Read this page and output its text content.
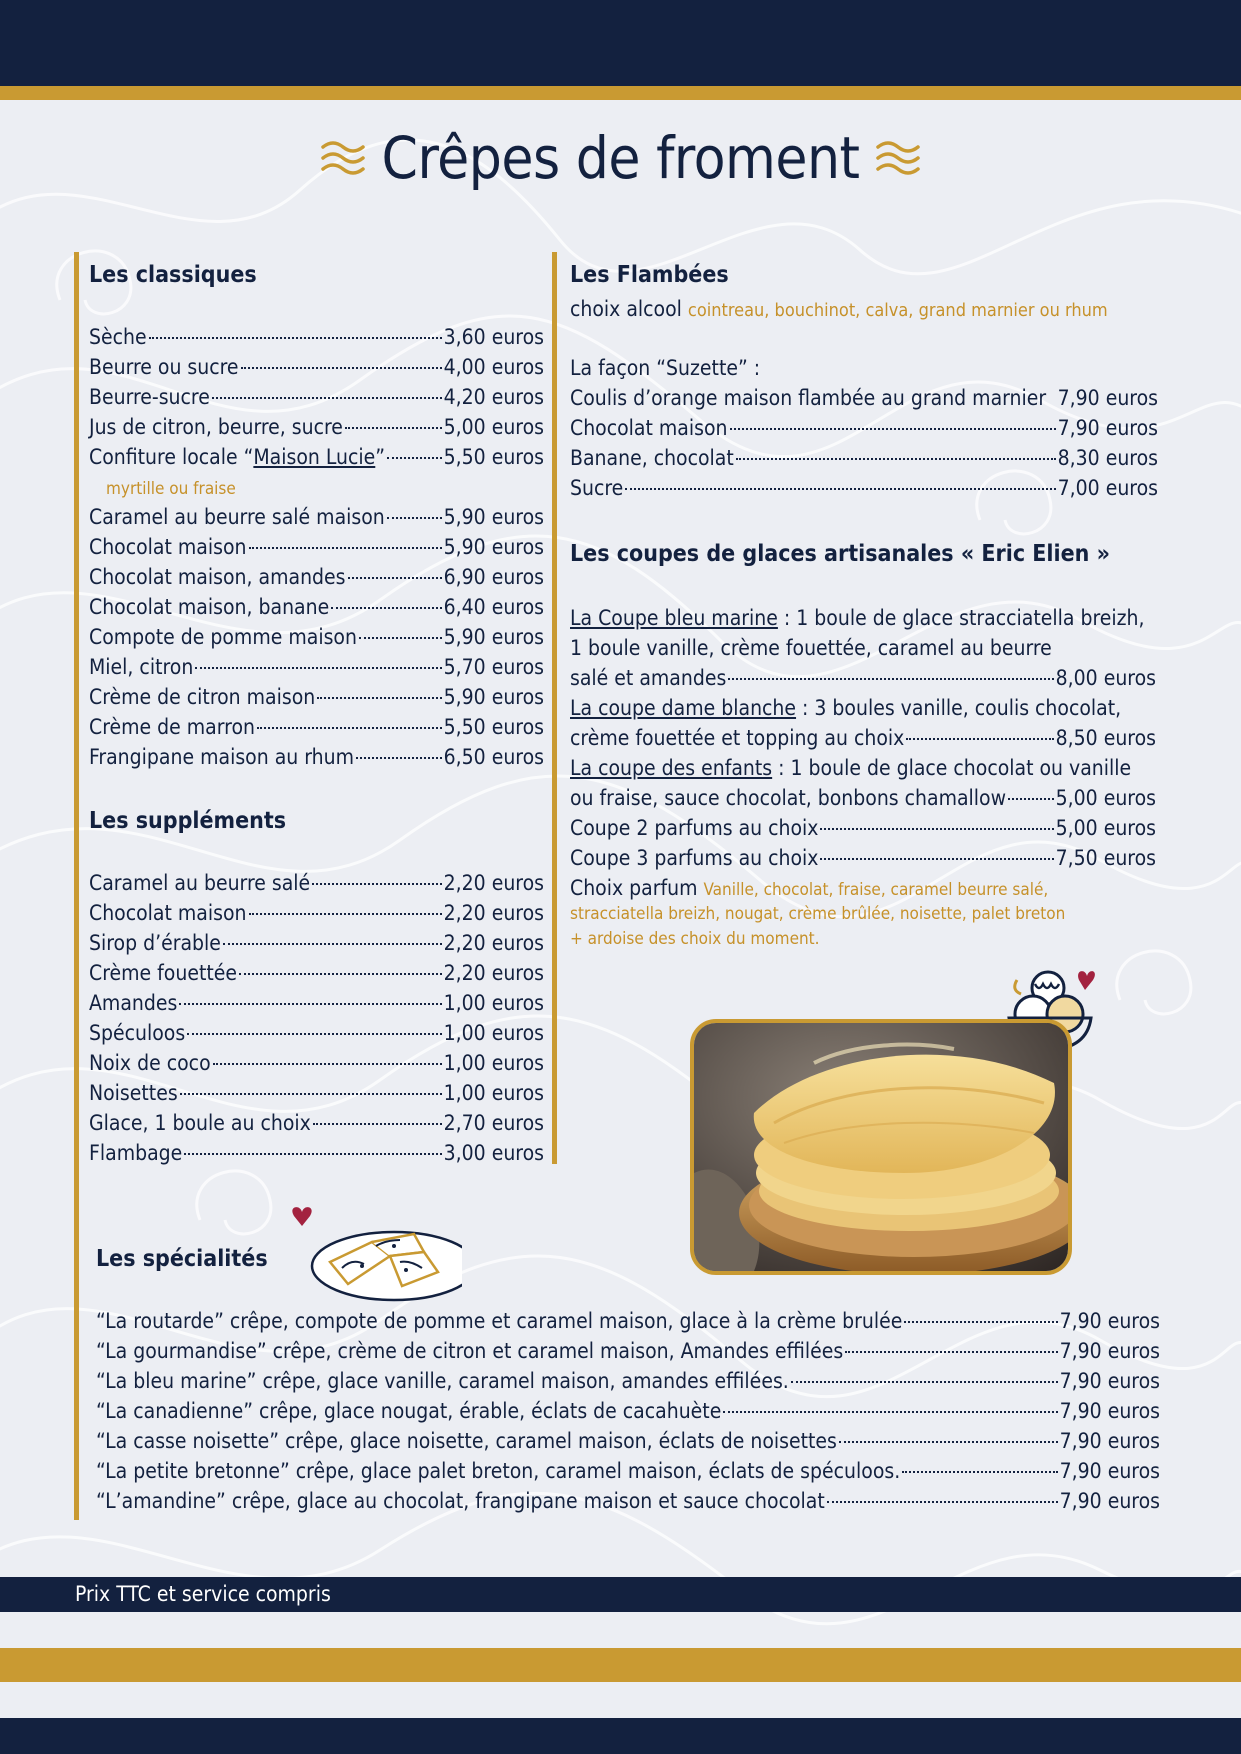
Crêpes de froment
Les classiques
Sèche	3,60 euros
Beurre ou sucre	4,00 euros
Beurre-sucre	4,20 euros
Jus de citron, beurre, sucre	5,00 euros
Confiture locale “Maison Lucie”	5,50 euros
myrtille ou fraise
Caramel au beurre salé maison	5,90 euros
Chocolat maison	5,90 euros
Chocolat maison, amandes	6,90 euros
Chocolat maison, banane	6,40 euros
Compote de pomme maison	5,90 euros
Miel, citron	5,70 euros
Crème de citron maison	5,90 euros
Crème de marron	5,50 euros
Frangipane maison au rhum	6,50 euros
Les suppléments
Caramel au beurre salé	2,20 euros
Chocolat maison	2,20 euros
Sirop d’érable	2,20 euros
Crème fouettée	2,20 euros
Amandes	1,00 euros
Spéculoos	1,00 euros
Noix de coco	1,00 euros
Noisettes	1,00 euros
Glace, 1 boule au choix	2,70 euros
Flambage	3,00 euros
Les Flambées
choix alcool cointreau, bouchinot, calva, grand marnier ou rhum
La façon “Suzette” :
Coulis d’orange maison flambée au grand marnier 7,90 euros
Chocolat maison	7,90 euros
Banane, chocolat	8,30 euros
Sucre	7,00 euros
Les coupes de glaces artisanales « Eric Elien »
La Coupe bleu marine : 1 boule de glace stracciatella breizh,
1 boule vanille, crème fouettée, caramel au beurre
salé et amandes	8,00 euros
La coupe dame blanche : 3 boules vanille, coulis chocolat,
crème fouettée et topping au choix	8,50 euros
La coupe des enfants : 1 boule de glace chocolat ou vanille
ou fraise, sauce chocolat, bonbons chamallow 5,00 euros
Coupe 2 parfums au choix	5,00 euros
Coupe 3 parfums au choix	7,50 euros
Choix parfum Vanille, chocolat, fraise, caramel beurre salé,
stracciatella breizh, nougat, crème brûlée, noisette, palet breton
+ ardoise des choix du moment.
Les spécialités
“La routarde” crêpe, compote de pomme et caramel maison, glace à la crème brulée	7,90 euros
“La gourmandise” crêpe, crème de citron et caramel maison, Amandes effilées	7,90 euros
“La bleu marine” crêpe, glace vanille, caramel maison, amandes effilées.	7,90 euros
“La canadienne” crêpe, glace nougat, érable, éclats de cacahuète	7,90 euros
“La casse noisette” crêpe, glace noisette, caramel maison, éclats de noisettes	7,90 euros
“La petite bretonne” crêpe, glace palet breton, caramel maison, éclats de spéculoos.	7,90 euros
“L’amandine” crêpe, glace au chocolat, frangipane maison et sauce chocolat	7,90 euros
Prix TTC et service compris
